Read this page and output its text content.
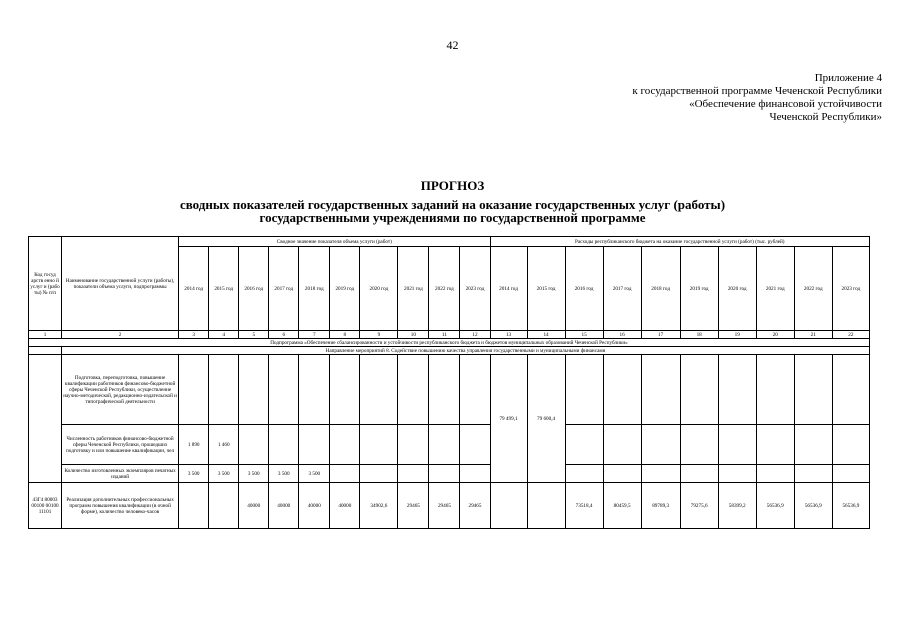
42
Приложение 4
к государственной программе Чеченской Республики
«Обеспечение финансовой устойчивости
Чеченской Республики»
ПРОГНОЗ
сводных показателей государственных заданий на оказание государственных услуг (работы)
государственными учреждениями по государственной программе
Код госуд арств енно й услуг и (рабо ты) № п/п	Наименование государственной услуги (работы), показатели объема услуги, подпрограммы	Сводное значение показателя объема услуги (работ)										Расходы республиканского бюджета на оказание государственной услуги (работ) (тыс. рублей)									
		2014 год	2015 год	2016 год	2017 год	2018 год	2019 год	2020 год	2021 год	2022 год	2023 год	2014 год	2015 год	2016 год	2017 год	2018 год	2019 год	2020 год	2021 год	2022 год	2023 год
1	2	3	4	5	6	7	8	9	10	11	12	13	14	15	16	17	18	19	20	21	22
Подпрограмма «Обеспечение сбалансированности и устойчивости республиканского бюджета и бюджетов муниципальных образований Чеченской Республики»																					
	Направление мероприятий 8. Содействие повышению качества управления государственными и муниципальными финансами																				
	Подготовка, переподготовка, повышение квалификации работников финансово-бюджетной сферы Чеченской Республики, осуществление научно-методической, редакционно-издательской и типографической деятельности											79 499,1	79 600,4								
	Численность работников финансово-бюджетной сферы Чеченской Республики, прошедших подготовку и или повышение квалификации, чел	1 890	1 460																		
	Количество изготовленных экземпляров печатных изданий	3 500	3 500	3 500	3 500	3 500															
43Г4 80003 00100 00100 11101	Реализация дополнительных профессиональных программ повышения квалификации (в очной форме), количество человеко-часов			40000	40000	40000	40000	34902,6	29465	29465	29465			73518,4	80459,5	89789,3	79275,6	58399,2	56536,9	56536,9	56536,9
